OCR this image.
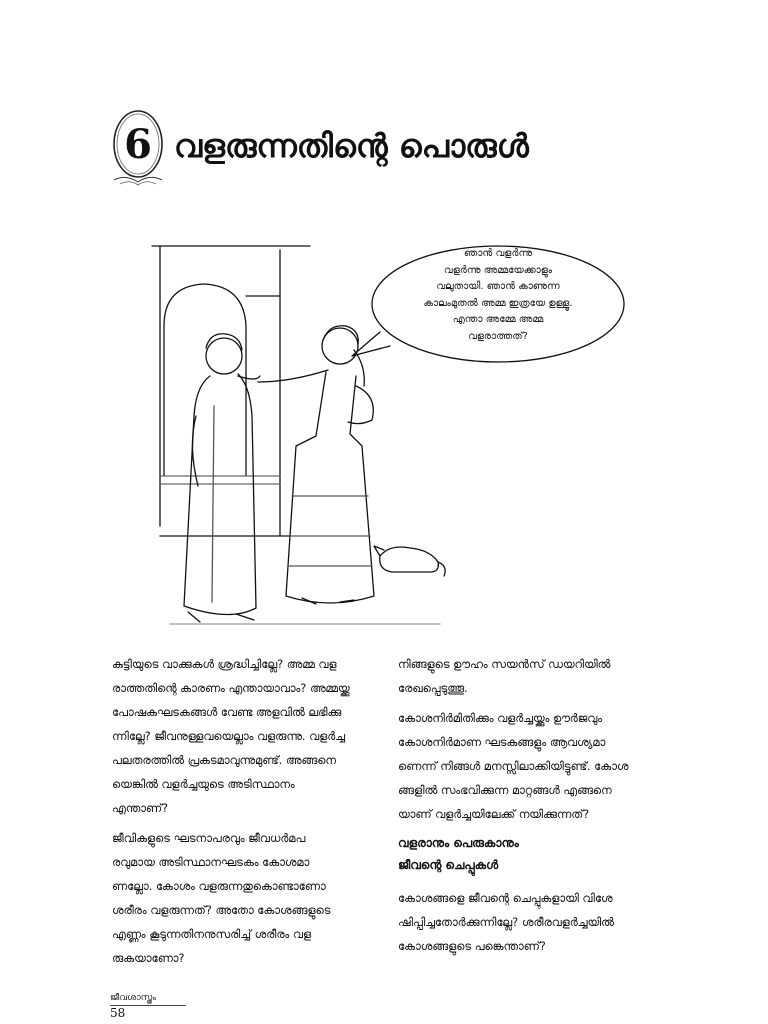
6 വളരുന്നതിന്റെ പൊരുൾ
ഞാൻ വളർന്നു
വളർന്നു അമ്മയേക്കാളും
വലുതായി. ഞാൻ കാണുന്ന
കാലംമുതൽ അമ്മ ഇത്രയേ ഉള്ളൂ.
എന്താ അമ്മേ അമ്മ
വളരാത്തത്?
കുട്ടിയുടെ വാക്കുകൾ ശ്രദ്ധിച്ചില്ലേ? അമ്മ വള
രാത്തതിന്റെ കാരണം എന്തായാവാം? അമ്മയ്ക്കു
പോഷകഘടകങ്ങൾ വേണ്ട അളവിൽ ലഭിക്കു
ന്നില്ലേ? ജീവനുള്ളവയെല്ലാം വളരുന്നു. വളർച്ച
പലതരത്തിൽ പ്രകടമാവുന്നുമുണ്ട്. അങ്ങനെ
യെങ്കിൽ വളർച്ചയുടെ അടിസ്ഥാനം
എന്താണ്?
ജീവികളുടെ ഘടനാപരവും ജീവധർമപ
രവുമായ അടിസ്ഥാനഘടകം കോശമാ
ണല്ലോ. കോശം വളരുന്നതുകൊണ്ടാണോ
ശരീരം വളരുന്നത്? അതോ കോശങ്ങളുടെ
എണ്ണം കൂടുന്നതിനനുസരിച്ച് ശരീരം വള
രുകയാണോ?
നിങ്ങളുടെ ഊഹം സയൻസ് ഡയറിയിൽ
രേഖപ്പെടുത്തൂ.
കോശനിർമിതിക്കും വളർച്ചയ്ക്കും ഊർജവും
കോശനിർമാണ ഘടകങ്ങളും ആവശ്യമാ
ണെന്ന് നിങ്ങൾ മനസ്സിലാക്കിയിട്ടുണ്ട്. കോശ
ങ്ങളിൽ സംഭവിക്കുന്ന മാറ്റങ്ങൾ എങ്ങനെ
യാണ് വളർച്ചയിലേക്ക് നയിക്കുന്നത്?
വളരാനും പെരുകാനും
ജീവന്റെ ചെപ്പുകൾ
കോശങ്ങളെ ജീവന്റെ ചെപ്പുകളായി വിശേ
ഷിപ്പിച്ചതോർക്കുന്നില്ലേ? ശരീരവളർച്ചയിൽ
കോശങ്ങളുടെ പങ്കെന്താണ്?
ജീവശാസ്ത്രം
58
